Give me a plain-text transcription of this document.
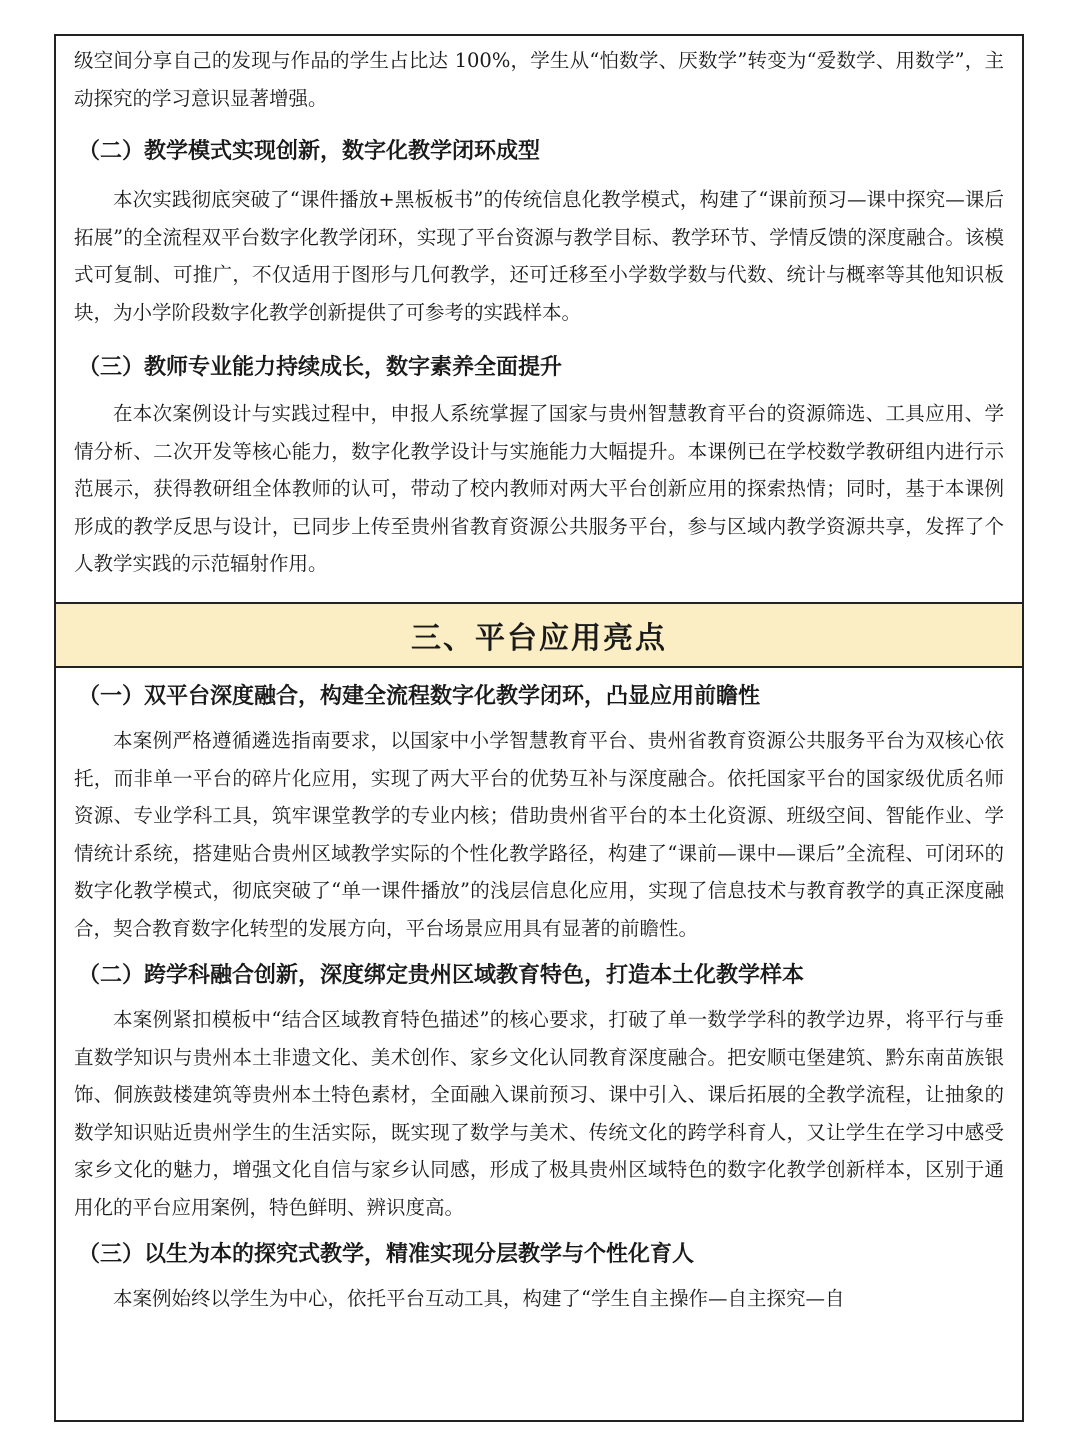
级空间分享自己的发现与作品的学生占比达 100%，学生从“怕数学、厌数学”转变为“爱数学、用数学”，主动探究的学习意识显著增强。

（二）教学模式实现创新，数字化教学闭环成型

本次实践彻底突破了“课件播放+黑板板书”的传统信息化教学模式，构建了“课前预习—课中探究—课后拓展”的全流程双平台数字化教学闭环，实现了平台资源与教学目标、教学环节、学情反馈的深度融合。该模式可复制、可推广，不仅适用于图形与几何教学，还可迁移至小学数学数与代数、统计与概率等其他知识板块，为小学阶段数字化教学创新提供了可参考的实践样本。

（三）教师专业能力持续成长，数字素养全面提升

在本次案例设计与实践过程中，申报人系统掌握了国家与贵州智慧教育平台的资源筛选、工具应用、学情分析、二次开发等核心能力，数字化教学设计与实施能力大幅提升。本课例已在学校数学教研组内进行示范展示，获得教研组全体教师的认可，带动了校内教师对两大平台创新应用的探索热情；同时，基于本课例形成的教学反思与设计，已同步上传至贵州省教育资源公共服务平台，参与区域内教学资源共享，发挥了个人教学实践的示范辐射作用。

三、平台应用亮点

（一）双平台深度融合，构建全流程数字化教学闭环，凸显应用前瞻性

本案例严格遵循遴选指南要求，以国家中小学智慧教育平台、贵州省教育资源公共服务平台为双核心依托，而非单一平台的碎片化应用，实现了两大平台的优势互补与深度融合。依托国家平台的国家级优质名师资源、专业学科工具，筑牢课堂教学的专业内核；借助贵州省平台的本土化资源、班级空间、智能作业、学情统计系统，搭建贴合贵州区域教学实际的个性化教学路径，构建了“课前—课中—课后”全流程、可闭环的数字化教学模式，彻底突破了“单一课件播放”的浅层信息化应用，实现了信息技术与教育教学的真正深度融合，契合教育数字化转型的发展方向，平台场景应用具有显著的前瞻性。

（二）跨学科融合创新，深度绑定贵州区域教育特色，打造本土化教学样本

本案例紧扣模板中“结合区域教育特色描述”的核心要求，打破了单一数学学科的教学边界，将平行与垂直数学知识与贵州本土非遗文化、美术创作、家乡文化认同教育深度融合。把安顺屯堡建筑、黔东南苗族银饰、侗族鼓楼建筑等贵州本土特色素材，全面融入课前预习、课中引入、课后拓展的全教学流程，让抽象的数学知识贴近贵州学生的生活实际，既实现了数学与美术、传统文化的跨学科育人，又让学生在学习中感受家乡文化的魅力，增强文化自信与家乡认同感，形成了极具贵州区域特色的数字化教学创新样本，区别于通用化的平台应用案例，特色鲜明、辨识度高。

（三）以生为本的探究式教学，精准实现分层教学与个性化育人

本案例始终以学生为中心，依托平台互动工具，构建了“学生自主操作—自主探究—自
